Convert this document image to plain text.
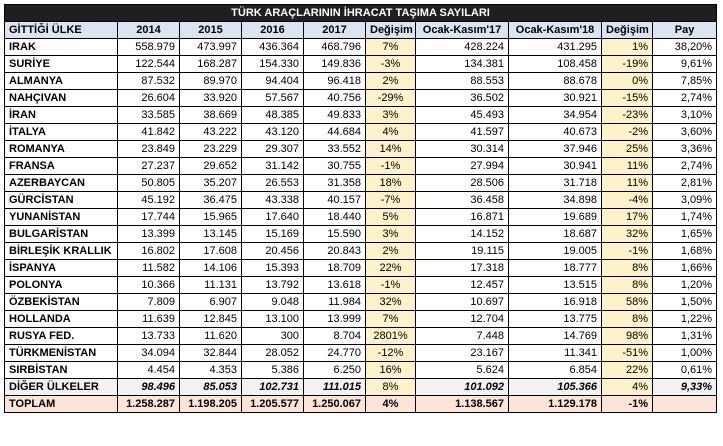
TÜRK ARAÇLARININ İHRACAT TAŞIMA SAYILARI									
GİTTİĞİ ÜLKE	2014	2015	2016	2017	Değişim	Ocak-Kasım'17	Ocak-Kasım'18	Değişim	Pay
IRAK	558.979	473.997	436.364	468.796	7%	428.224	431.295	1%	38,20%
SURİYE	122.544	168.287	154.330	149.836	-3%	134.381	108.458	-19%	9,61%
ALMANYA	87.532	89.970	94.404	96.418	2%	88.553	88.678	0%	7,85%
NAHÇIVAN	26.604	33.920	57.567	40.756	-29%	36.502	30.921	-15%	2,74%
İRAN	33.585	38.669	48.385	49.833	3%	45.493	34.954	-23%	3,10%
İTALYA	41.842	43.222	43.120	44.684	4%	41.597	40.673	-2%	3,60%
ROMANYA	23.849	23.229	29.307	33.552	14%	30.314	37.946	25%	3,36%
FRANSA	27.237	29.652	31.142	30.755	-1%	27.994	30.941	11%	2,74%
AZERBAYCAN	50.805	35.207	26.553	31.358	18%	28.506	31.718	11%	2,81%
GÜRCİSTAN	45.192	36.475	43.338	40.157	-7%	36.458	34.898	-4%	3,09%
YUNANİSTAN	17.744	15.965	17.640	18.440	5%	16.871	19.689	17%	1,74%
BULGARİSTAN	13.399	13.145	15.169	15.590	3%	14.152	18.687	32%	1,65%
BİRLEŞİK KRALLIK	16.802	17.608	20.456	20.843	2%	19.115	19.005	-1%	1,68%
İSPANYA	11.582	14.106	15.393	18.709	22%	17.318	18.777	8%	1,66%
POLONYA	10.366	11.131	13.792	13.618	-1%	12.457	13.515	8%	1,20%
ÖZBEKİSTAN	7.809	6.907	9.048	11.984	32%	10.697	16.918	58%	1,50%
HOLLANDA	11.639	12.845	13.100	13.999	7%	12.704	13.775	8%	1,22%
RUSYA FED.	13.733	11.620	300	8.704	2801%	7.448	14.769	98%	1,31%
TÜRKMENİSTAN	34.094	32.844	28.052	24.770	-12%	23.167	11.341	-51%	1,00%
SIRBİSTAN	4.454	4.353	5.386	6.250	16%	5.624	6.854	22%	0,61%
DİĞER ÜLKELER	98.496	85.053	102.731	111.015	8%	101.092	105.366	4%	9,33%
TOPLAM	1.258.287	1.198.205	1.205.577	1.250.067	4%	1.138.567	1.129.178	-1%	
